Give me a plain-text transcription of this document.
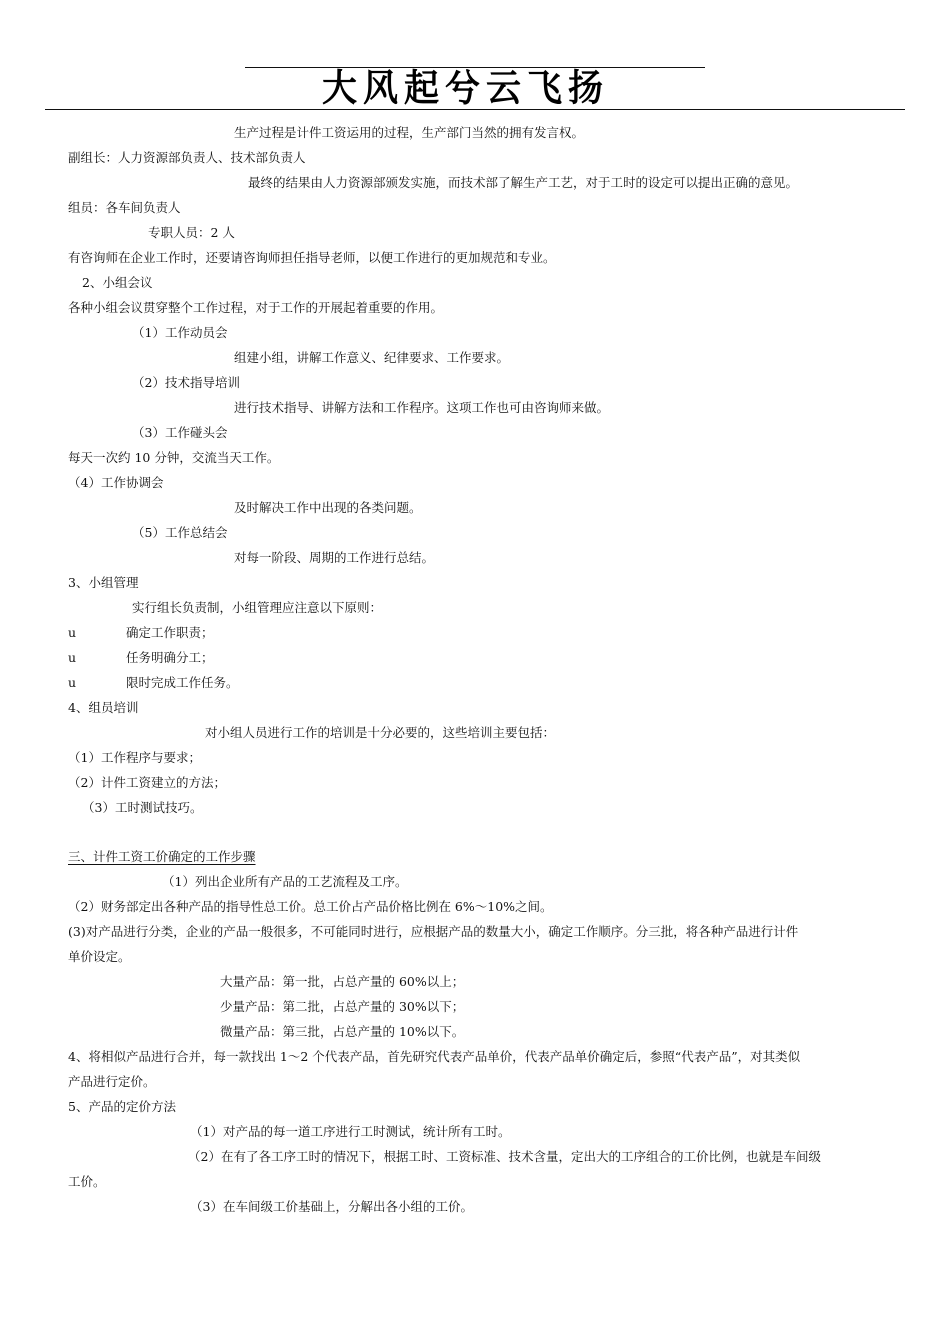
大风起兮云飞扬
生产过程是计件工资运用的过程，生产部门当然的拥有发言权。
副组长：人力资源部负责人、技术部负责人
最终的结果由人力资源部颁发实施，而技术部了解生产工艺，对于工时的设定可以提出正确的意见。
组员：各车间负责人
专职人员：2 人
有咨询师在企业工作时，还要请咨询师担任指导老师，以便工作进行的更加规范和专业。
2、小组会议
各种小组会议贯穿整个工作过程，对于工作的开展起着重要的作用。
（1）工作动员会
组建小组，讲解工作意义、纪律要求、工作要求。
（2）技术指导培训
进行技术指导、讲解方法和工作程序。这项工作也可由咨询师来做。
（3）工作碰头会
每天一次约 10 分钟，交流当天工作。
（4）工作协调会
及时解决工作中出现的各类问题。
（5）工作总结会
对每一阶段、周期的工作进行总结。
3、小组管理
实行组长负责制，小组管理应注意以下原则：
u	确定工作职责；
u	任务明确分工；
u	限时完成工作任务。
4、组员培训
对小组人员进行工作的培训是十分必要的，这些培训主要包括：
（1）工作程序与要求；
（2）计件工资建立的方法；
（3）工时测试技巧。
三、计件工资工价确定的工作步骤
（1）列出企业所有产品的工艺流程及工序。
（2）财务部定出各种产品的指导性总工价。总工价占产品价格比例在 6%～10%之间。
(3)对产品进行分类，企业的产品一般很多，不可能同时进行，应根据产品的数量大小，确定工作顺序。分三批，将各种产品进行计件
单价设定。
大量产品：第一批，占总产量的 60%以上；
少量产品：第二批，占总产量的 30%以下；
微量产品：第三批，占总产量的 10%以下。
4、将相似产品进行合并，每一款找出 1～2 个代表产品，首先研究代表产品单价，代表产品单价确定后，参照“代表产品”，对其类似
产品进行定价。
5、产品的定价方法
（1）对产品的每一道工序进行工时测试，统计所有工时。
（2）在有了各工序工时的情况下，根据工时、工资标准、技术含量，定出大的工序组合的工价比例，也就是车间级
工价。
（3）在车间级工价基础上，分解出各小组的工价。
